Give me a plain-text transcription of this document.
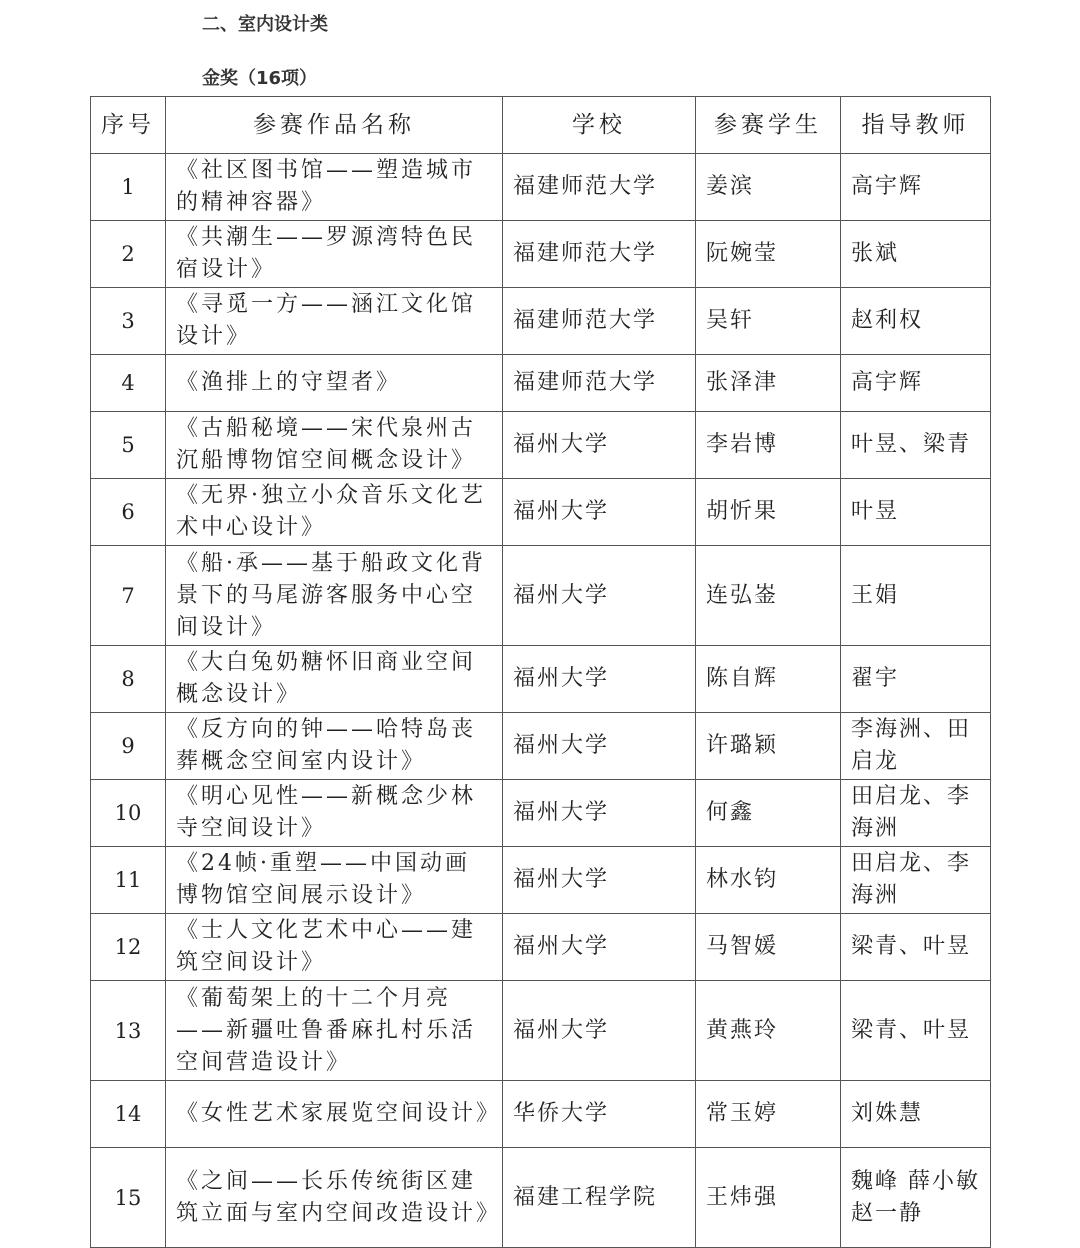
二、室内设计类
金奖（16项）
序号	参赛作品名称	学校	参赛学生	指导教师
1	《社区图书馆——塑造城市的精神容器》	福建师范大学	姜滨	高宇辉
2	《共潮生——罗源湾特色民宿设计》	福建师范大学	阮婉莹	张斌
3	《寻觅一方——涵江文化馆设计》	福建师范大学	吴轩	赵利权
4	《渔排上的守望者》	福建师范大学	张泽津	高宇辉
5	《古船秘境——宋代泉州古沉船博物馆空间概念设计》	福州大学	李岩博	叶昱、梁青
6	《无界·独立小众音乐文化艺术中心设计》	福州大学	胡忻果	叶昱
7	《船·承——基于船政文化背景下的马尾游客服务中心空间设计》	福州大学	连弘崟	王娟
8	《大白兔奶糖怀旧商业空间概念设计》	福州大学	陈自辉	翟宇
9	《反方向的钟——哈特岛丧葬概念空间室内设计》	福州大学	许璐颖	李海洲、田启龙
10	《明心见性——新概念少林寺空间设计》	福州大学	何鑫	田启龙、李海洲
11	《24帧·重塑——中国动画博物馆空间展示设计》	福州大学	林水钧	田启龙、李海洲
12	《士人文化艺术中心——建筑空间设计》	福州大学	马智媛	梁青、叶昱
13	《葡萄架上的十二个月亮——新疆吐鲁番麻扎村乐活空间营造设计》	福州大学	黄燕玲	梁青、叶昱
14	《女性艺术家展览空间设计》	华侨大学	常玉婷	刘姝慧
15	《之间——长乐传统街区建筑立面与室内空间改造设计》	福建工程学院	王炜强	魏峰 薛小敏 赵一静
